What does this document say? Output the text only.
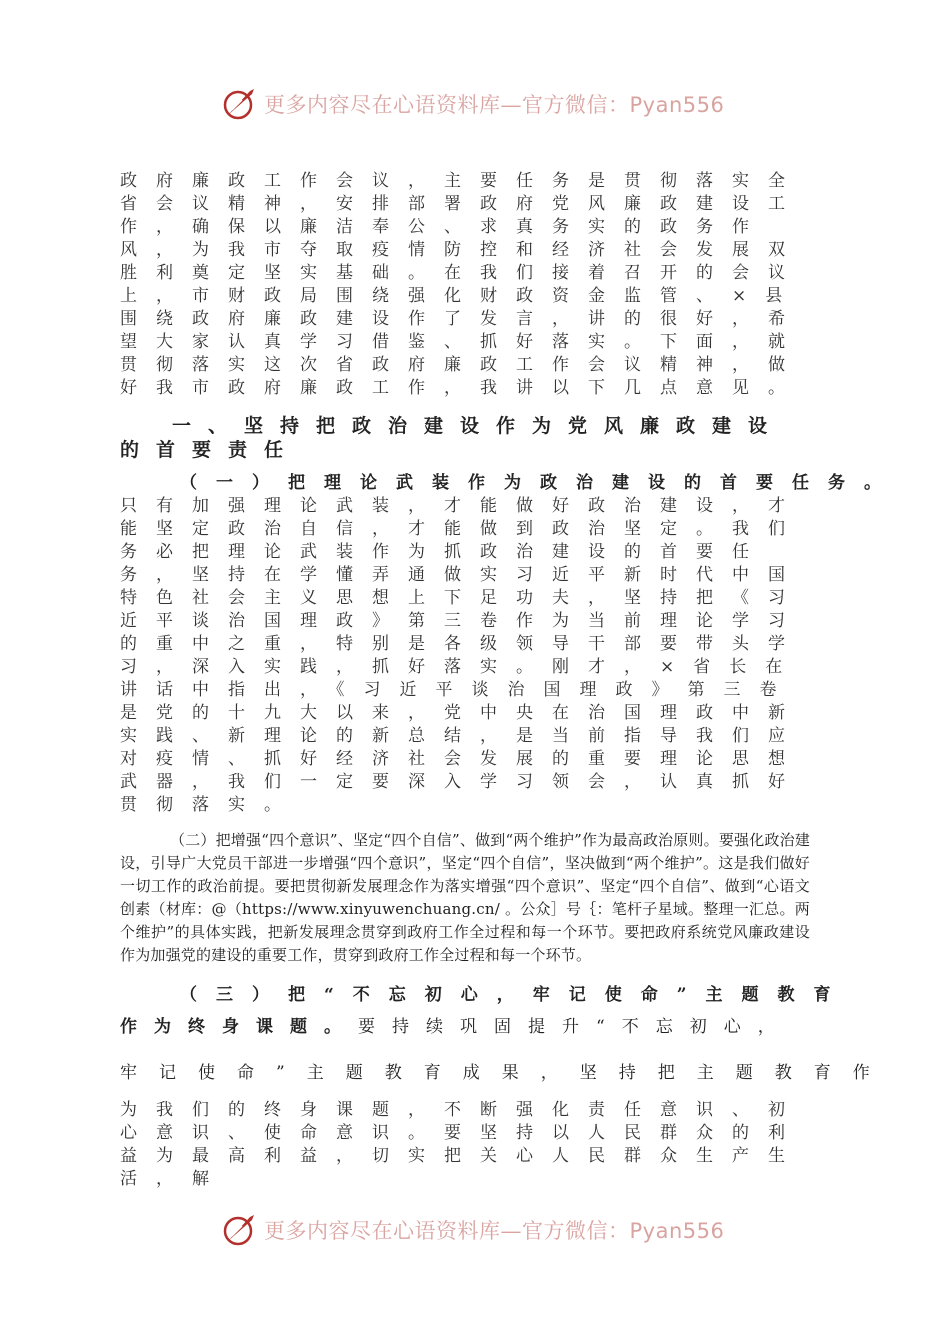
更多内容尽在心语资料库—官方微信：Pyan556
政府廉政工作会议，主要任务是贯彻落实全省会议精神，安排部署政府党风廉政建设工作，确保以廉洁奉公、求真务实的政务作风，为我市夺取疫情防控和经济社会发展双胜利奠定坚实基础。在我们接着召开的会议上，市财政局围绕强化财政资金监管、×县围绕政府廉政建设作了发言，讲的很好，希望大家认真学习借鉴、抓好落实。下面，就贯彻落实这次省政府廉政工作会议精神，做好我市政府廉政工作，我讲以下几点意见。
一、坚持把政治建设作为党风廉政建设的首要责任
（一）把理论武装作为政治建设的首要任务。
只有加强理论武装，才能做好政治建设，才能坚定政治自信，才能做到政治坚定。我们务必把理论武装作为抓政治建设的首要任务，坚持在学懂弄通做实习近平新时代中国特色社会主义思想上下足功夫，坚持把《习近平谈治国理政》第三卷作为当前理论学习的重中之重，特别是各级领导干部要带头学习，深入实践，抓好落实。刚才，×省长在讲话中指出，《习近平谈治国理政》第三卷是党的十九大以来，党中央在治国理政中新实践、新理论的新总结，是当前指导我们应对疫情、抓好经济社会发展的重要理论思想武器，我们一定要深入学习领会，认真抓好贯彻落实。
（二）把增强“四个意识”、坚定“四个自信”、做到“两个维护”作为最高政治原则。要强化政治建设，引导广大党员干部进一步增强“四个意识”，坚定“四个自信”，坚决做到“两个维护”。这是我们做好一切工作的政治前提。要把贯彻新发展理念作为落实增强“四个意识”、坚定“四个自信”、做到“心语文创素（材库：@（https://www.xinyuwenchuang.cn/ 。公众］号｛：笔杆子星域。整理一汇总。两个维护”的具体实践，把新发展理念贯穿到政府工作全过程和每一个环节。要把政府系统党风廉政建设作为加强党的建设的重要工作，贯穿到政府工作全过程和每一个环节。
（三）把“不忘初心，牢记使命”主题教育
作为终身课题。要持续巩固提升“不忘初心，
牢记使命”主题教育成果，坚持把主题教育作
为我们的终身课题，不断强化责任意识、初心意识、使命意识。要坚持以人民群众的利益为最高利益，切实把关心人民群众生产生活，解
更多内容尽在心语资料库—官方微信：Pyan556
